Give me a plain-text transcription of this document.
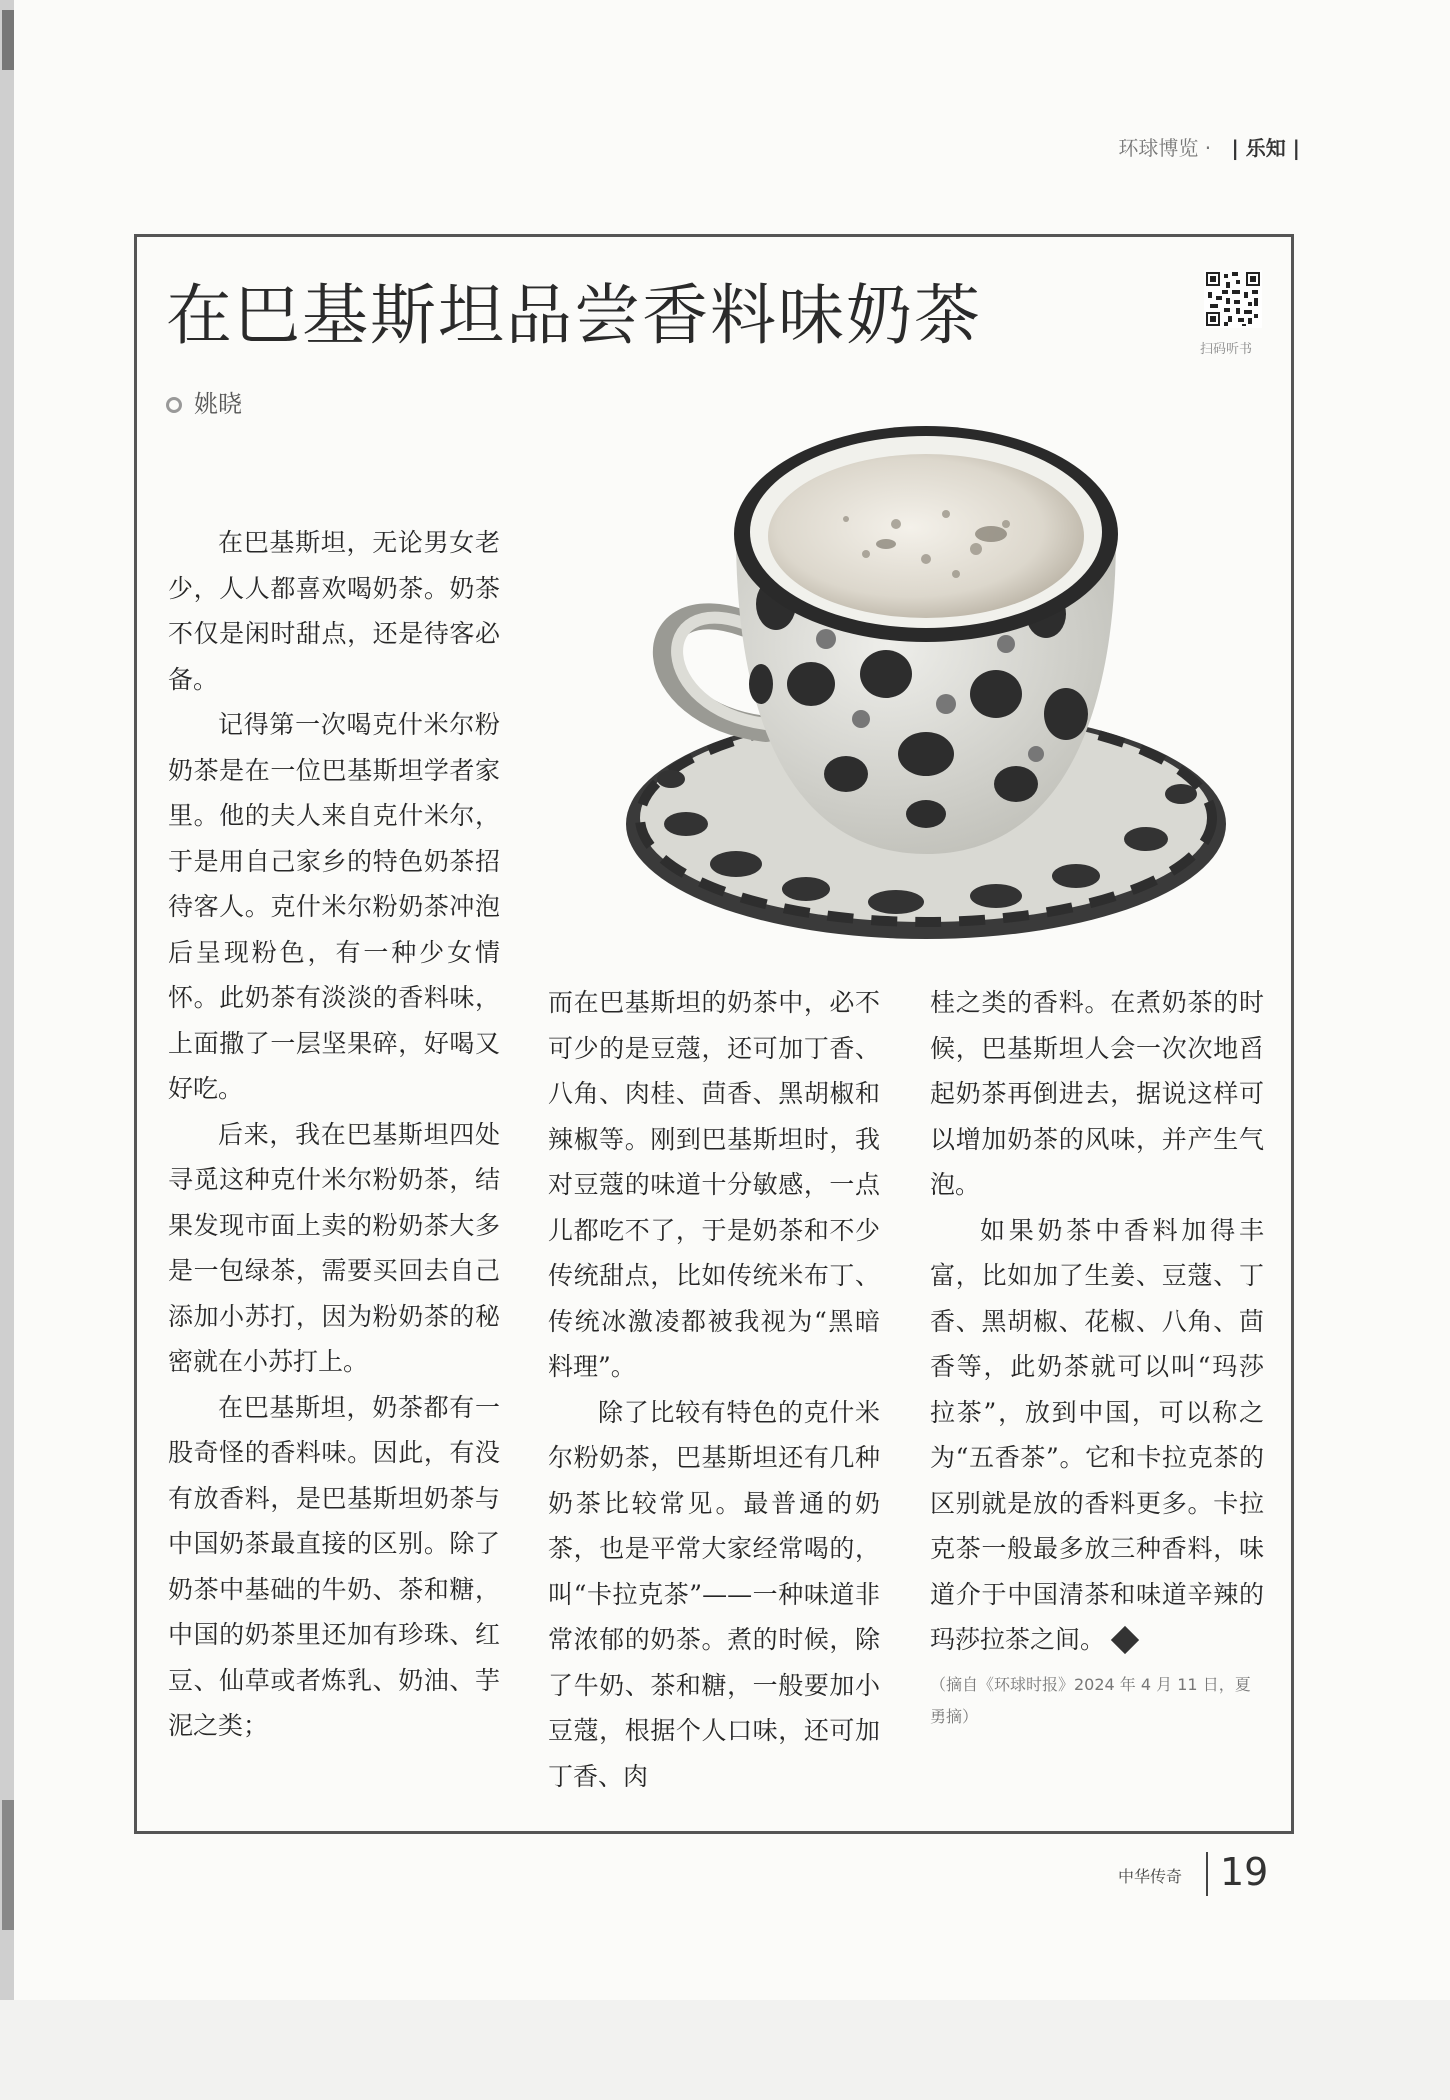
环球博览 · | 乐知 |
在巴基斯坦品尝香料味奶茶	扫码听书
姚晓

在巴基斯坦，无论男女老少，人人都喜欢喝奶茶。奶茶不仅是闲时甜点，还是待客必备。

记得第一次喝克什米尔粉奶茶是在一位巴基斯坦学者家里。他的夫人来自克什米尔，于是用自己家乡的特色奶茶招待客人。克什米尔粉奶茶冲泡后呈现粉色，有一种少女情怀。此奶茶有淡淡的香料味，上面撒了一层坚果碎，好喝又好吃。

后来，我在巴基斯坦四处寻觅这种克什米尔粉奶茶，结果发现市面上卖的粉奶茶大多是一包绿茶，需要买回去自己添加小苏打，因为粉奶茶的秘密就在小苏打上。

在巴基斯坦，奶茶都有一股奇怪的香料味。因此，有没有放香料，是巴基斯坦奶茶与中国奶茶最直接的区别。除了奶茶中基础的牛奶、茶和糖，中国的奶茶里还加有珍珠、红豆、仙草或者炼乳、奶油、芋泥之类；

而在巴基斯坦的奶茶中，必不可少的是豆蔻，还可加丁香、八角、肉桂、茴香、黑胡椒和辣椒等。刚到巴基斯坦时，我对豆蔻的味道十分敏感，一点儿都吃不了，于是奶茶和不少传统甜点，比如传统米布丁、传统冰激凌都被我视为“黑暗料理”。

除了比较有特色的克什米尔粉奶茶，巴基斯坦还有几种奶茶比较常见。最普通的奶茶，也是平常大家经常喝的，叫“卡拉克茶”——一种味道非常浓郁的奶茶。煮的时候，除了牛奶、茶和糖，一般要加小豆蔻，根据个人口味，还可加丁香、肉

桂之类的香料。在煮奶茶的时候，巴基斯坦人会一次次地舀起奶茶再倒进去，据说这样可以增加奶茶的风味，并产生气泡。

如果奶茶中香料加得丰富，比如加了生姜、豆蔻、丁香、黑胡椒、花椒、八角、茴香等，此奶茶就可以叫“玛莎拉茶”，放到中国，可以称之为“五香茶”。它和卡拉克茶的区别就是放的香料更多。卡拉克茶一般最多放三种香料，味道介于中国清茶和味道辛辣的玛莎拉茶之间。

（摘自《环球时报》2024 年 4 月 11 日，夏勇摘）
中华传奇 19
